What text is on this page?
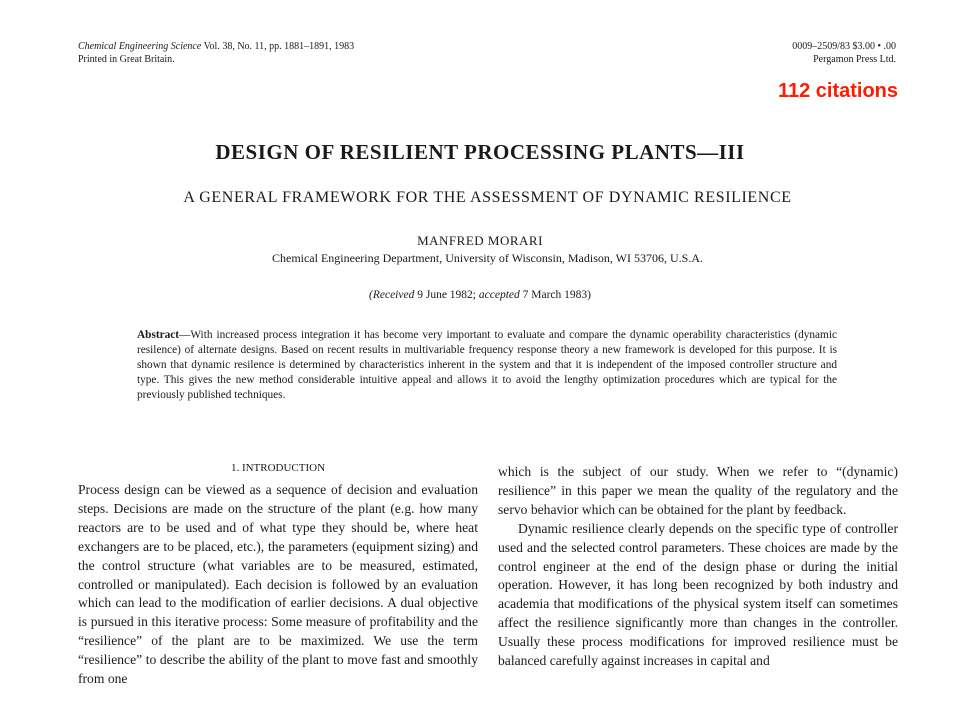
Chemical Engineering Science Vol. 38, No. 11, pp. 1881–1891, 1983
Printed in Great Britain.
0009–2509/83 $3.00 • .00
Pergamon Press Ltd.
112 citations
DESIGN OF RESILIENT PROCESSING PLANTS—III
A GENERAL FRAMEWORK FOR THE ASSESSMENT OF DYNAMIC RESILIENCE
MANFRED MORARI
Chemical Engineering Department, University of Wisconsin, Madison, WI 53706, U.S.A.
(Received 9 June 1982; accepted 7 March 1983)
Abstract—With increased process integration it has become very important to evaluate and compare the dynamic operability characteristics (dynamic resilence) of alternate designs. Based on recent results in multivariable frequency response theory a new framework is developed for this purpose. It is shown that dynamic resilence is determined by characteristics inherent in the system and that it is independent of the imposed controller structure and type. This gives the new method considerable intuitive appeal and allows it to avoid the lengthy optimization procedures which are typical for the previously published techniques.
1. INTRODUCTION

Process design can be viewed as a sequence of decision and evaluation steps. Decisions are made on the structure of the plant (e.g. how many reactors are to be used and of what type they should be, where heat exchangers are to be placed, etc.), the parameters (equipment sizing) and the control structure (what variables are to be measured, estimated, controlled or manipulated). Each decision is followed by an evaluation which can lead to the modification of earlier decisions. A dual objective is pursued in this iterative process: Some measure of profitability and the “resilience” of the plant are to be maximized. We use the term “resilience” to describe the ability of the plant to move fast and smoothly from one

which is the subject of our study. When we refer to “(dynamic) resilience” in this paper we mean the quality of the regulatory and the servo behavior which can be obtained for the plant by feedback.

Dynamic resilience clearly depends on the specific type of controller used and the selected control parameters. These choices are made by the control engineer at the end of the design phase or during the initial operation. However, it has long been recognized by both industry and academia that modifications of the physical system itself can sometimes affect the resilience significantly more than changes in the controller. Usually these process modifications for improved resilience must be balanced carefully against increases in capital and
